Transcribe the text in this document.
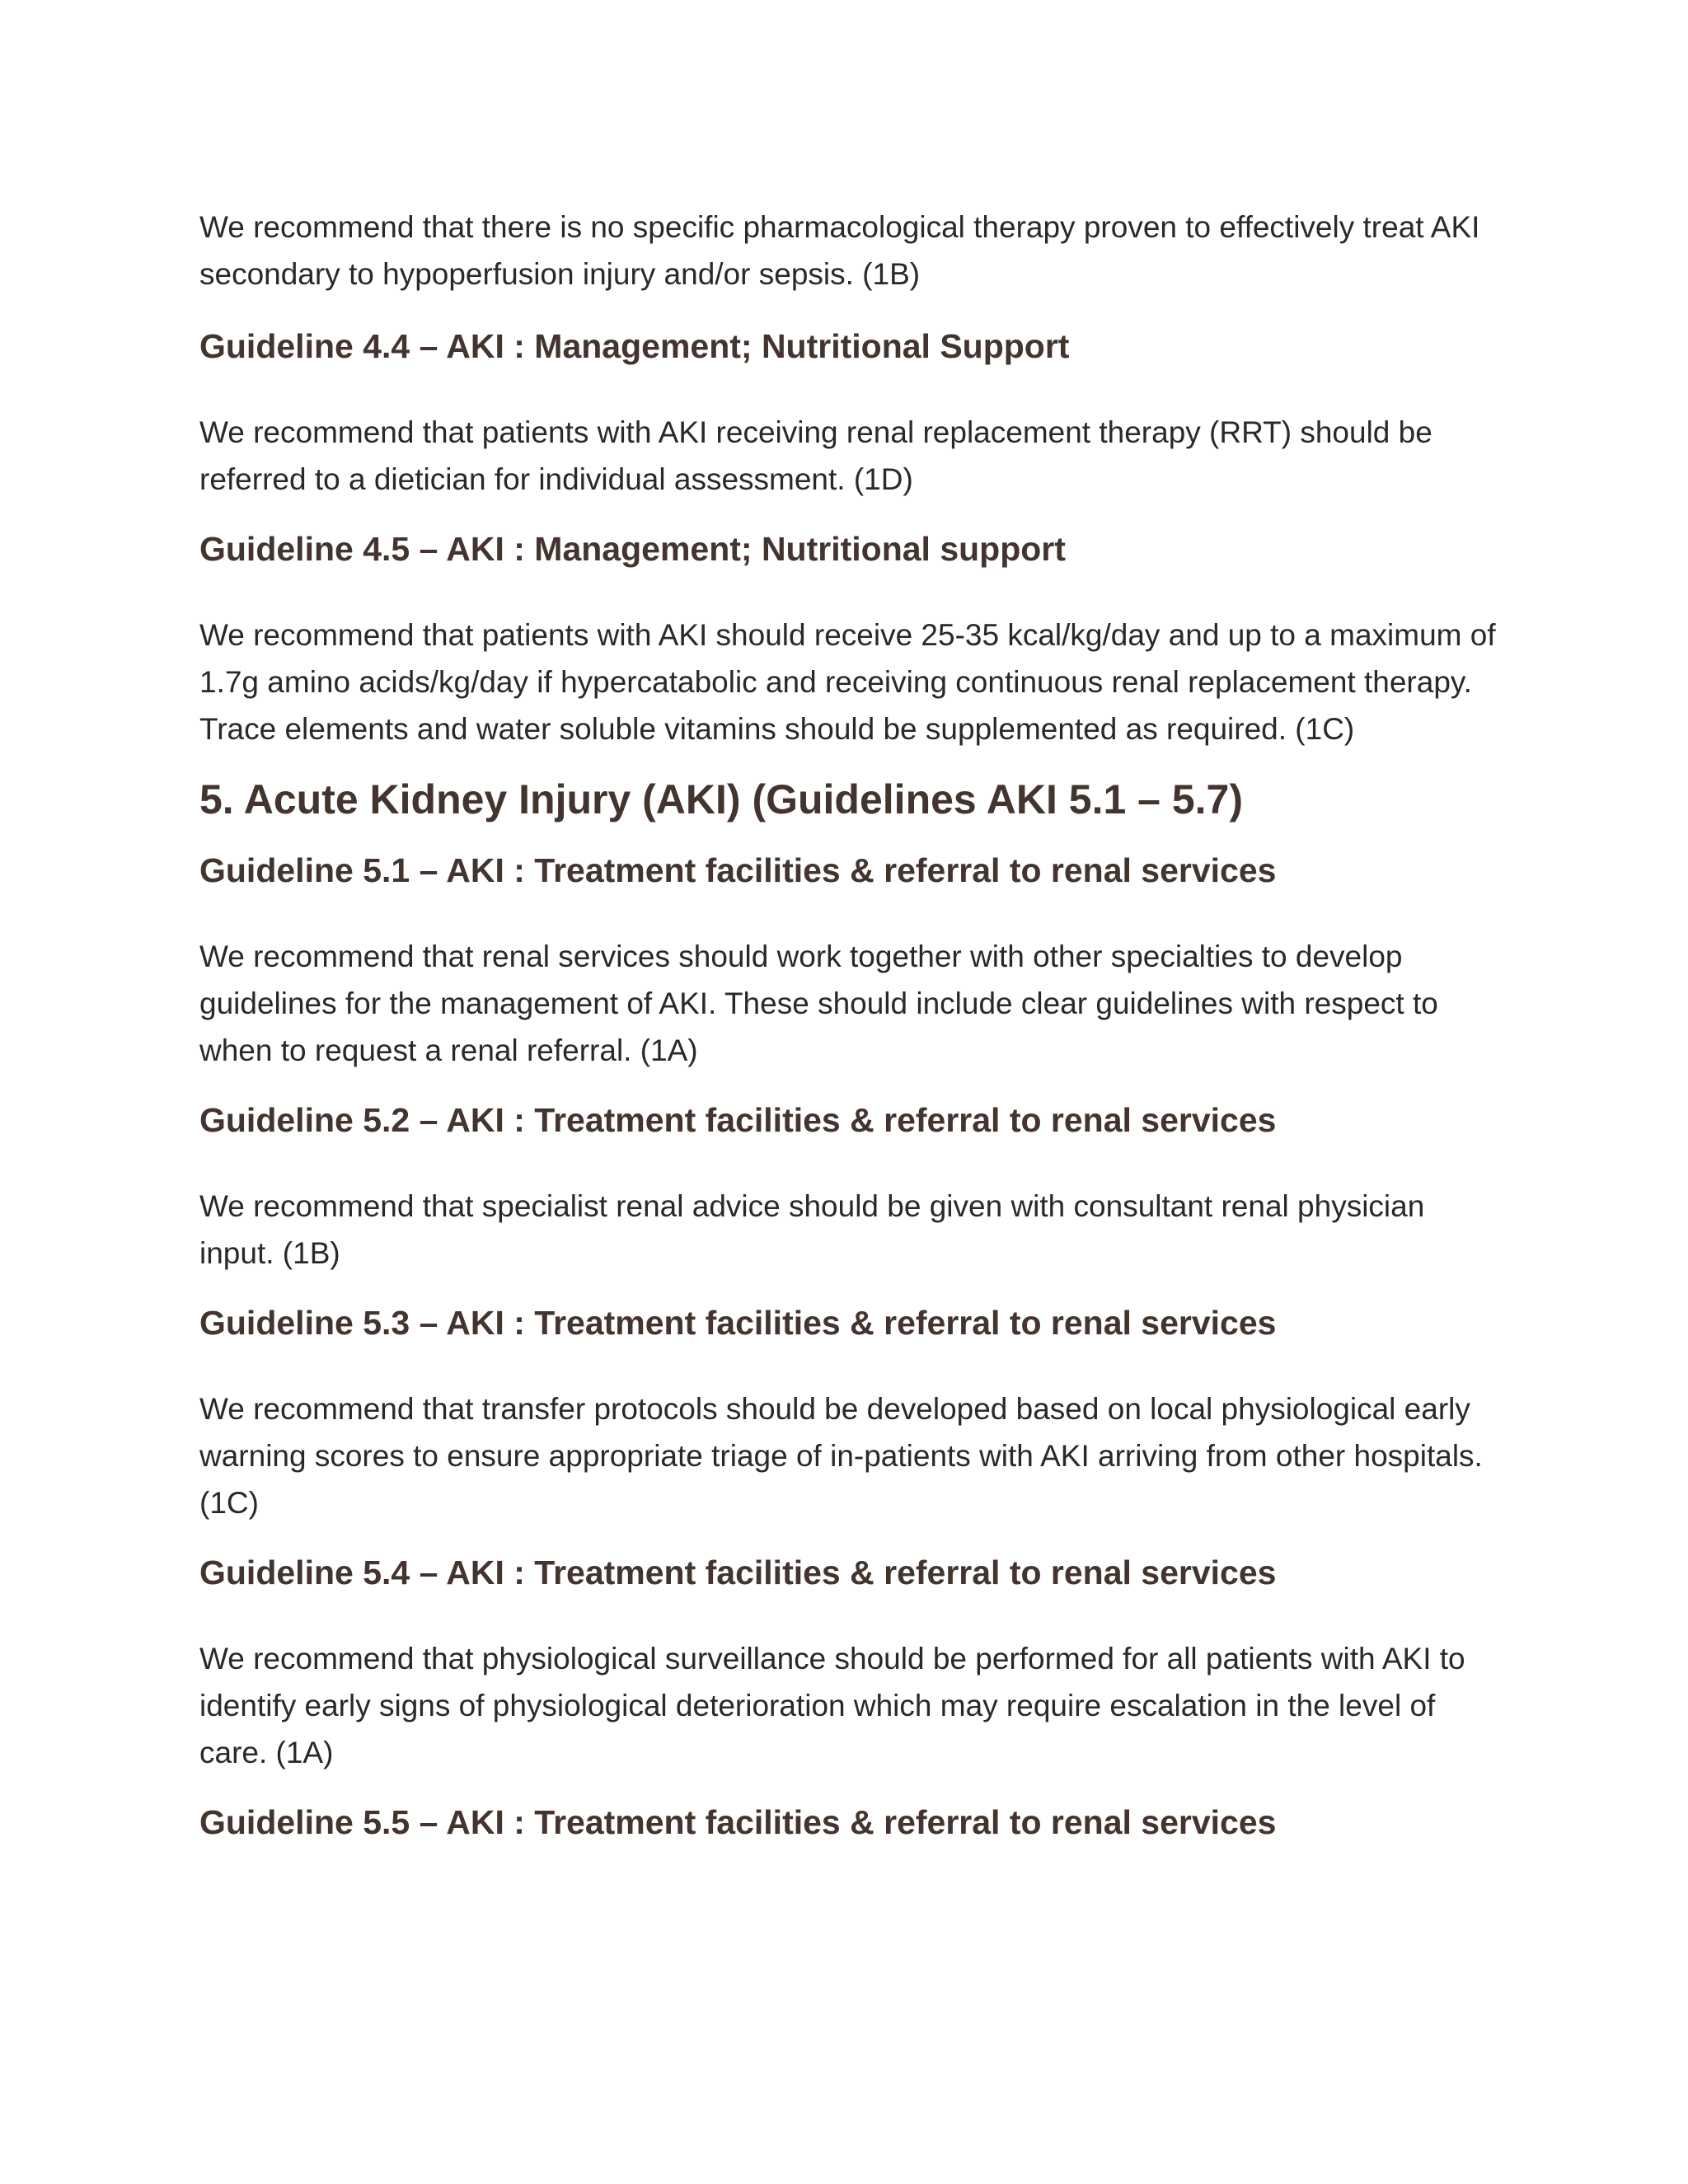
We recommend that there is no specific pharmacological therapy proven to effectively treat AKI secondary to hypoperfusion injury and/or sepsis. (1B)

Guideline 4.4 – AKI : Management; Nutritional Support

We recommend that patients with AKI receiving renal replacement therapy (RRT) should be referred to a dietician for individual assessment. (1D)

Guideline 4.5 – AKI : Management; Nutritional support

We recommend that patients with AKI should receive 25-35 kcal/kg/day and up to a maximum of 1.7g amino acids/kg/day if hypercatabolic and receiving continuous renal replacement therapy. Trace elements and water soluble vitamins should be supplemented as required. (1C)

5. Acute Kidney Injury (AKI) (Guidelines AKI 5.1 – 5.7)
Guideline 5.1 – AKI : Treatment facilities & referral to renal services

We recommend that renal services should work together with other specialties to develop guidelines for the management of AKI. These should include clear guidelines with respect to when to request a renal referral. (1A)

Guideline 5.2 – AKI : Treatment facilities & referral to renal services

We recommend that specialist renal advice should be given with consultant renal physician input. (1B)

Guideline 5.3 – AKI : Treatment facilities & referral to renal services

We recommend that transfer protocols should be developed based on local physiological early warning scores to ensure appropriate triage of in-patients with AKI arriving from other hospitals. (1C)

Guideline 5.4 – AKI : Treatment facilities & referral to renal services

We recommend that physiological surveillance should be performed for all patients with AKI to identify early signs of physiological deterioration which may require escalation in the level of care. (1A)

Guideline 5.5 – AKI : Treatment facilities & referral to renal services
